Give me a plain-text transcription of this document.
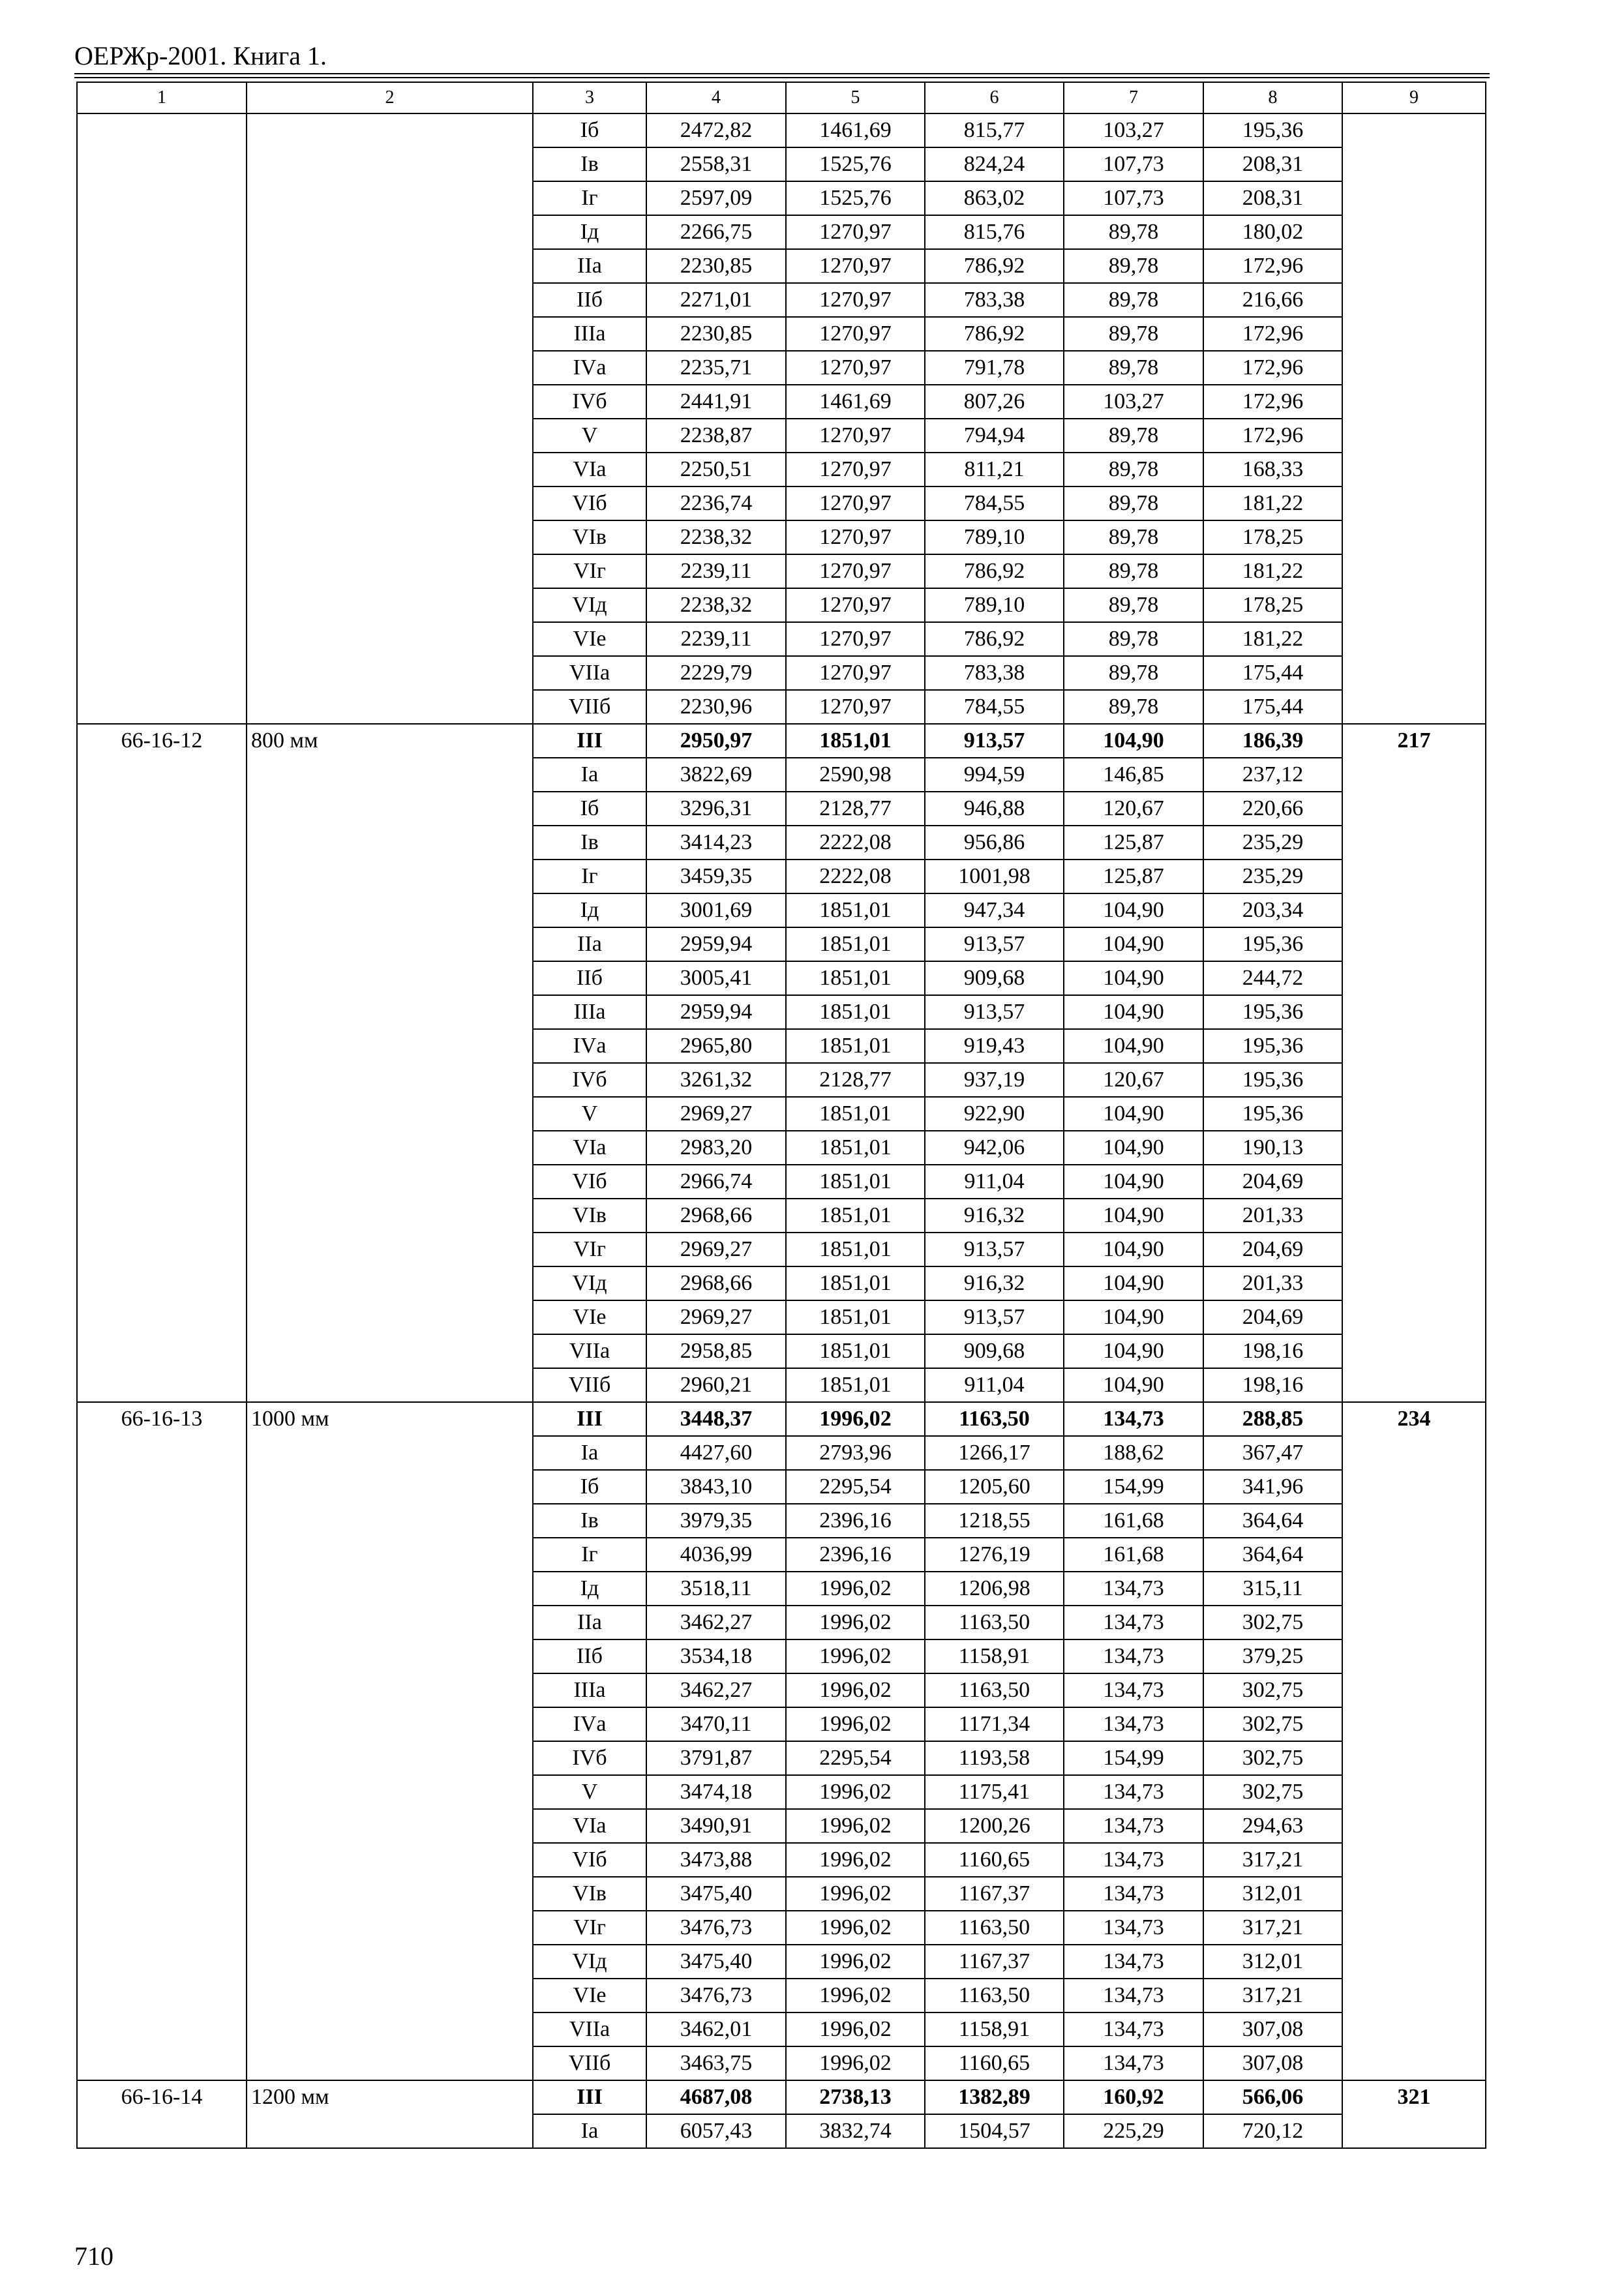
ОЕРЖр-2001. Книга 1.
1	2	3	4	5	6	7	8	9
		Iб	2472,82	1461,69	815,77	103,27	195,36	
		Iв	2558,31	1525,76	824,24	107,73	208,31	
		Iг	2597,09	1525,76	863,02	107,73	208,31	
		Iд	2266,75	1270,97	815,76	89,78	180,02	
		IIа	2230,85	1270,97	786,92	89,78	172,96	
		IIб	2271,01	1270,97	783,38	89,78	216,66	
		IIIа	2230,85	1270,97	786,92	89,78	172,96	
		IVа	2235,71	1270,97	791,78	89,78	172,96	
		IVб	2441,91	1461,69	807,26	103,27	172,96	
		V	2238,87	1270,97	794,94	89,78	172,96	
		VIа	2250,51	1270,97	811,21	89,78	168,33	
		VIб	2236,74	1270,97	784,55	89,78	181,22	
		VIв	2238,32	1270,97	789,10	89,78	178,25	
		VIг	2239,11	1270,97	786,92	89,78	181,22	
		VIд	2238,32	1270,97	789,10	89,78	178,25	
		VIе	2239,11	1270,97	786,92	89,78	181,22	
		VIIа	2229,79	1270,97	783,38	89,78	175,44	
		VIIб	2230,96	1270,97	784,55	89,78	175,44	
66-16-12	800 мм	III	2950,97	1851,01	913,57	104,90	186,39	217
		Iа	3822,69	2590,98	994,59	146,85	237,12	
		Iб	3296,31	2128,77	946,88	120,67	220,66	
		Iв	3414,23	2222,08	956,86	125,87	235,29	
		Iг	3459,35	2222,08	1001,98	125,87	235,29	
		Iд	3001,69	1851,01	947,34	104,90	203,34	
		IIа	2959,94	1851,01	913,57	104,90	195,36	
		IIб	3005,41	1851,01	909,68	104,90	244,72	
		IIIа	2959,94	1851,01	913,57	104,90	195,36	
		IVа	2965,80	1851,01	919,43	104,90	195,36	
		IVб	3261,32	2128,77	937,19	120,67	195,36	
		V	2969,27	1851,01	922,90	104,90	195,36	
		VIа	2983,20	1851,01	942,06	104,90	190,13	
		VIб	2966,74	1851,01	911,04	104,90	204,69	
		VIв	2968,66	1851,01	916,32	104,90	201,33	
		VIг	2969,27	1851,01	913,57	104,90	204,69	
		VIд	2968,66	1851,01	916,32	104,90	201,33	
		VIе	2969,27	1851,01	913,57	104,90	204,69	
		VIIа	2958,85	1851,01	909,68	104,90	198,16	
		VIIб	2960,21	1851,01	911,04	104,90	198,16	
66-16-13	1000 мм	III	3448,37	1996,02	1163,50	134,73	288,85	234
		Iа	4427,60	2793,96	1266,17	188,62	367,47	
		Iб	3843,10	2295,54	1205,60	154,99	341,96	
		Iв	3979,35	2396,16	1218,55	161,68	364,64	
		Iг	4036,99	2396,16	1276,19	161,68	364,64	
		Iд	3518,11	1996,02	1206,98	134,73	315,11	
		IIа	3462,27	1996,02	1163,50	134,73	302,75	
		IIб	3534,18	1996,02	1158,91	134,73	379,25	
		IIIа	3462,27	1996,02	1163,50	134,73	302,75	
		IVа	3470,11	1996,02	1171,34	134,73	302,75	
		IVб	3791,87	2295,54	1193,58	154,99	302,75	
		V	3474,18	1996,02	1175,41	134,73	302,75	
		VIа	3490,91	1996,02	1200,26	134,73	294,63	
		VIб	3473,88	1996,02	1160,65	134,73	317,21	
		VIв	3475,40	1996,02	1167,37	134,73	312,01	
		VIг	3476,73	1996,02	1163,50	134,73	317,21	
		VIд	3475,40	1996,02	1167,37	134,73	312,01	
		VIе	3476,73	1996,02	1163,50	134,73	317,21	
		VIIа	3462,01	1996,02	1158,91	134,73	307,08	
		VIIб	3463,75	1996,02	1160,65	134,73	307,08	
66-16-14	1200 мм	III	4687,08	2738,13	1382,89	160,92	566,06	321
		Iа	6057,43	3832,74	1504,57	225,29	720,12	
710
